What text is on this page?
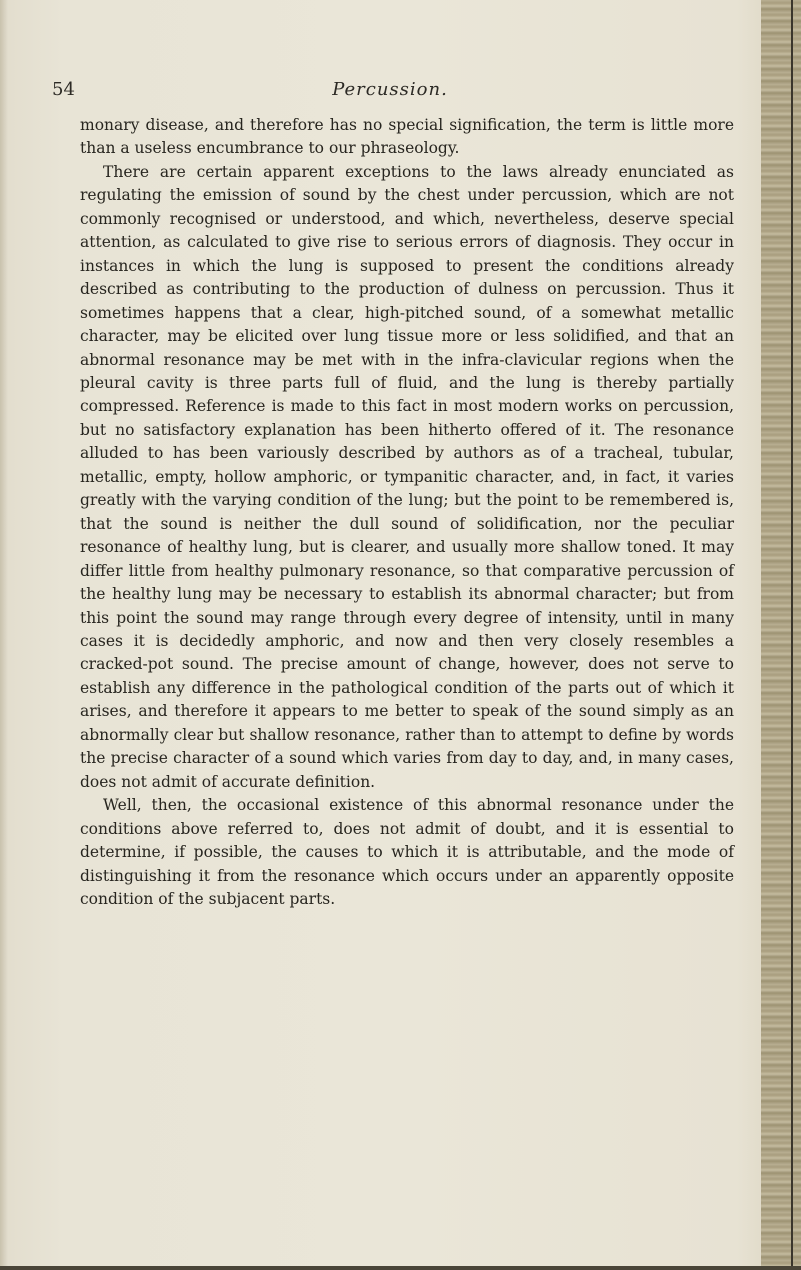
54	Percussion.

monary disease, and therefore has no special signification, the term is little more than a useless encumbrance to our phraseology.

There are certain apparent exceptions to the laws already enunciated as regulating the emission of sound by the chest under percussion, which are not commonly recognised or understood, and which, nevertheless, deserve special attention, as calculated to give rise to serious errors of diagnosis. They occur in instances in which the lung is supposed to present the conditions already described as contributing to the production of dulness on percussion. Thus it sometimes happens that a clear, high-pitched sound, of a somewhat metallic character, may be elicited over lung tissue more or less solidified, and that an abnormal resonance may be met with in the infra-clavicular regions when the pleural cavity is three parts full of fluid, and the lung is thereby partially compressed. Reference is made to this fact in most modern works on percussion, but no satisfactory explanation has been hitherto offered of it. The resonance alluded to has been variously described by authors as of a tracheal, tubular, metallic, empty, hollow amphoric, or tympanitic character, and, in fact, it varies greatly with the varying condition of the lung; but the point to be remembered is, that the sound is neither the dull sound of solidification, nor the peculiar resonance of healthy lung, but is clearer, and usually more shallow toned. It may differ little from healthy pulmonary resonance, so that comparative percussion of the healthy lung may be necessary to establish its abnormal character; but from this point the sound may range through every degree of intensity, until in many cases it is decidedly amphoric, and now and then very closely resembles a cracked-pot sound. The precise amount of change, however, does not serve to establish any difference in the pathological condition of the parts out of which it arises, and therefore it appears to me better to speak of the sound simply as an abnormally clear but shallow resonance, rather than to attempt to define by words the precise character of a sound which varies from day to day, and, in many cases, does not admit of accurate definition.

Well, then, the occasional existence of this abnormal resonance under the conditions above referred to, does not admit of doubt, and it is essential to determine, if possible, the causes to which it is attributable, and the mode of distinguishing it from the resonance which occurs under an apparently opposite condition of the subjacent parts.
